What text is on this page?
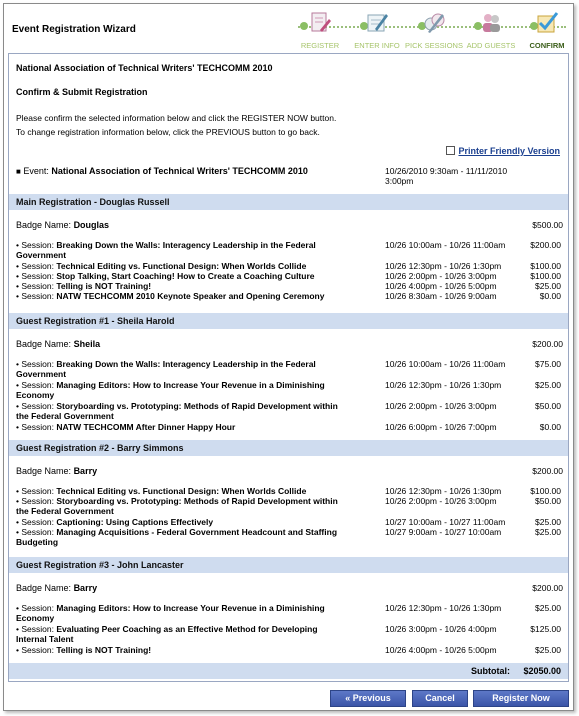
Event Registration Wizard
REGISTER	ENTER INFO PICK SESSIONS ADD GUESTS	CONFIRM
National Association of Technical Writers' TECHCOMM 2010
Confirm & Submit Registration
Please confirm the selected information below and click the REGISTER NOW button.
To change registration information below, click the PREVIOUS button to go back.
Printer Friendly Version
■ Event: National Association of Technical Writers' TECHCOMM 2010	10/26/2010 9:30am - 11/11/2010 3:00pm
Main Registration - Douglas Russell
Badge Name: Douglas	$500.00
• Session: Breaking Down the Walls: Interagency Leadership in the Federal Government
10/26 10:00am - 10/26 11:00am	$200.00
• Session: Technical Editing vs. Functional Design: When Worlds Collide	10/26 12:30pm - 10/26 1:30pm	$100.00
• Session: Stop Talking, Start Coaching! How to Create a Coaching Culture	10/26 2:00pm - 10/26 3:00pm	$100.00
• Session: Telling is NOT Training!	10/26 4:00pm - 10/26 5:00pm	$25.00
• Session: NATW TECHCOMM 2010 Keynote Speaker and Opening Ceremony	10/26 8:30am - 10/26 9:00am	$0.00
Guest Registration #1 - Sheila Harold
Badge Name: Sheila	$200.00
• Session: Breaking Down the Walls: Interagency Leadership in the Federal Government
10/26 10:00am - 10/26 11:00am	$75.00
• Session: Managing Editors: How to Increase Your Revenue in a Diminishing Economy
10/26 12:30pm - 10/26 1:30pm	$25.00
• Session: Storyboarding vs. Prototyping: Methods of Rapid Development within the Federal Government
10/26 2:00pm - 10/26 3:00pm	$50.00
• Session: NATW TECHCOMM After Dinner Happy Hour	10/26 6:00pm - 10/26 7:00pm	$0.00
Guest Registration #2 - Barry Simmons
Badge Name: Barry	$200.00
• Session: Technical Editing vs. Functional Design: When Worlds Collide	10/26 12:30pm - 10/26 1:30pm	$100.00
• Session: Storyboarding vs. Prototyping: Methods of Rapid Development within the Federal Government
10/26 2:00pm - 10/26 3:00pm	$50.00
• Session: Captioning: Using Captions Effectively	10/27 10:00am - 10/27 11:00am	$25.00
• Session: Managing Acquisitions - Federal Government Headcount and Staffing Budgeting
10/27 9:00am - 10/27 10:00am	$25.00
Guest Registration #3 - John Lancaster
Badge Name: Barry	$200.00
• Session: Managing Editors: How to Increase Your Revenue in a Diminishing Economy
10/26 12:30pm - 10/26 1:30pm	$25.00
• Session: Evaluating Peer Coaching as an Effective Method for Developing Internal Talent
10/26 3:00pm - 10/26 4:00pm	$125.00
• Session: Telling is NOT Training!	10/26 4:00pm - 10/26 5:00pm	$25.00
Subtotal: $2050.00
« Previous	Cancel	Register Now
